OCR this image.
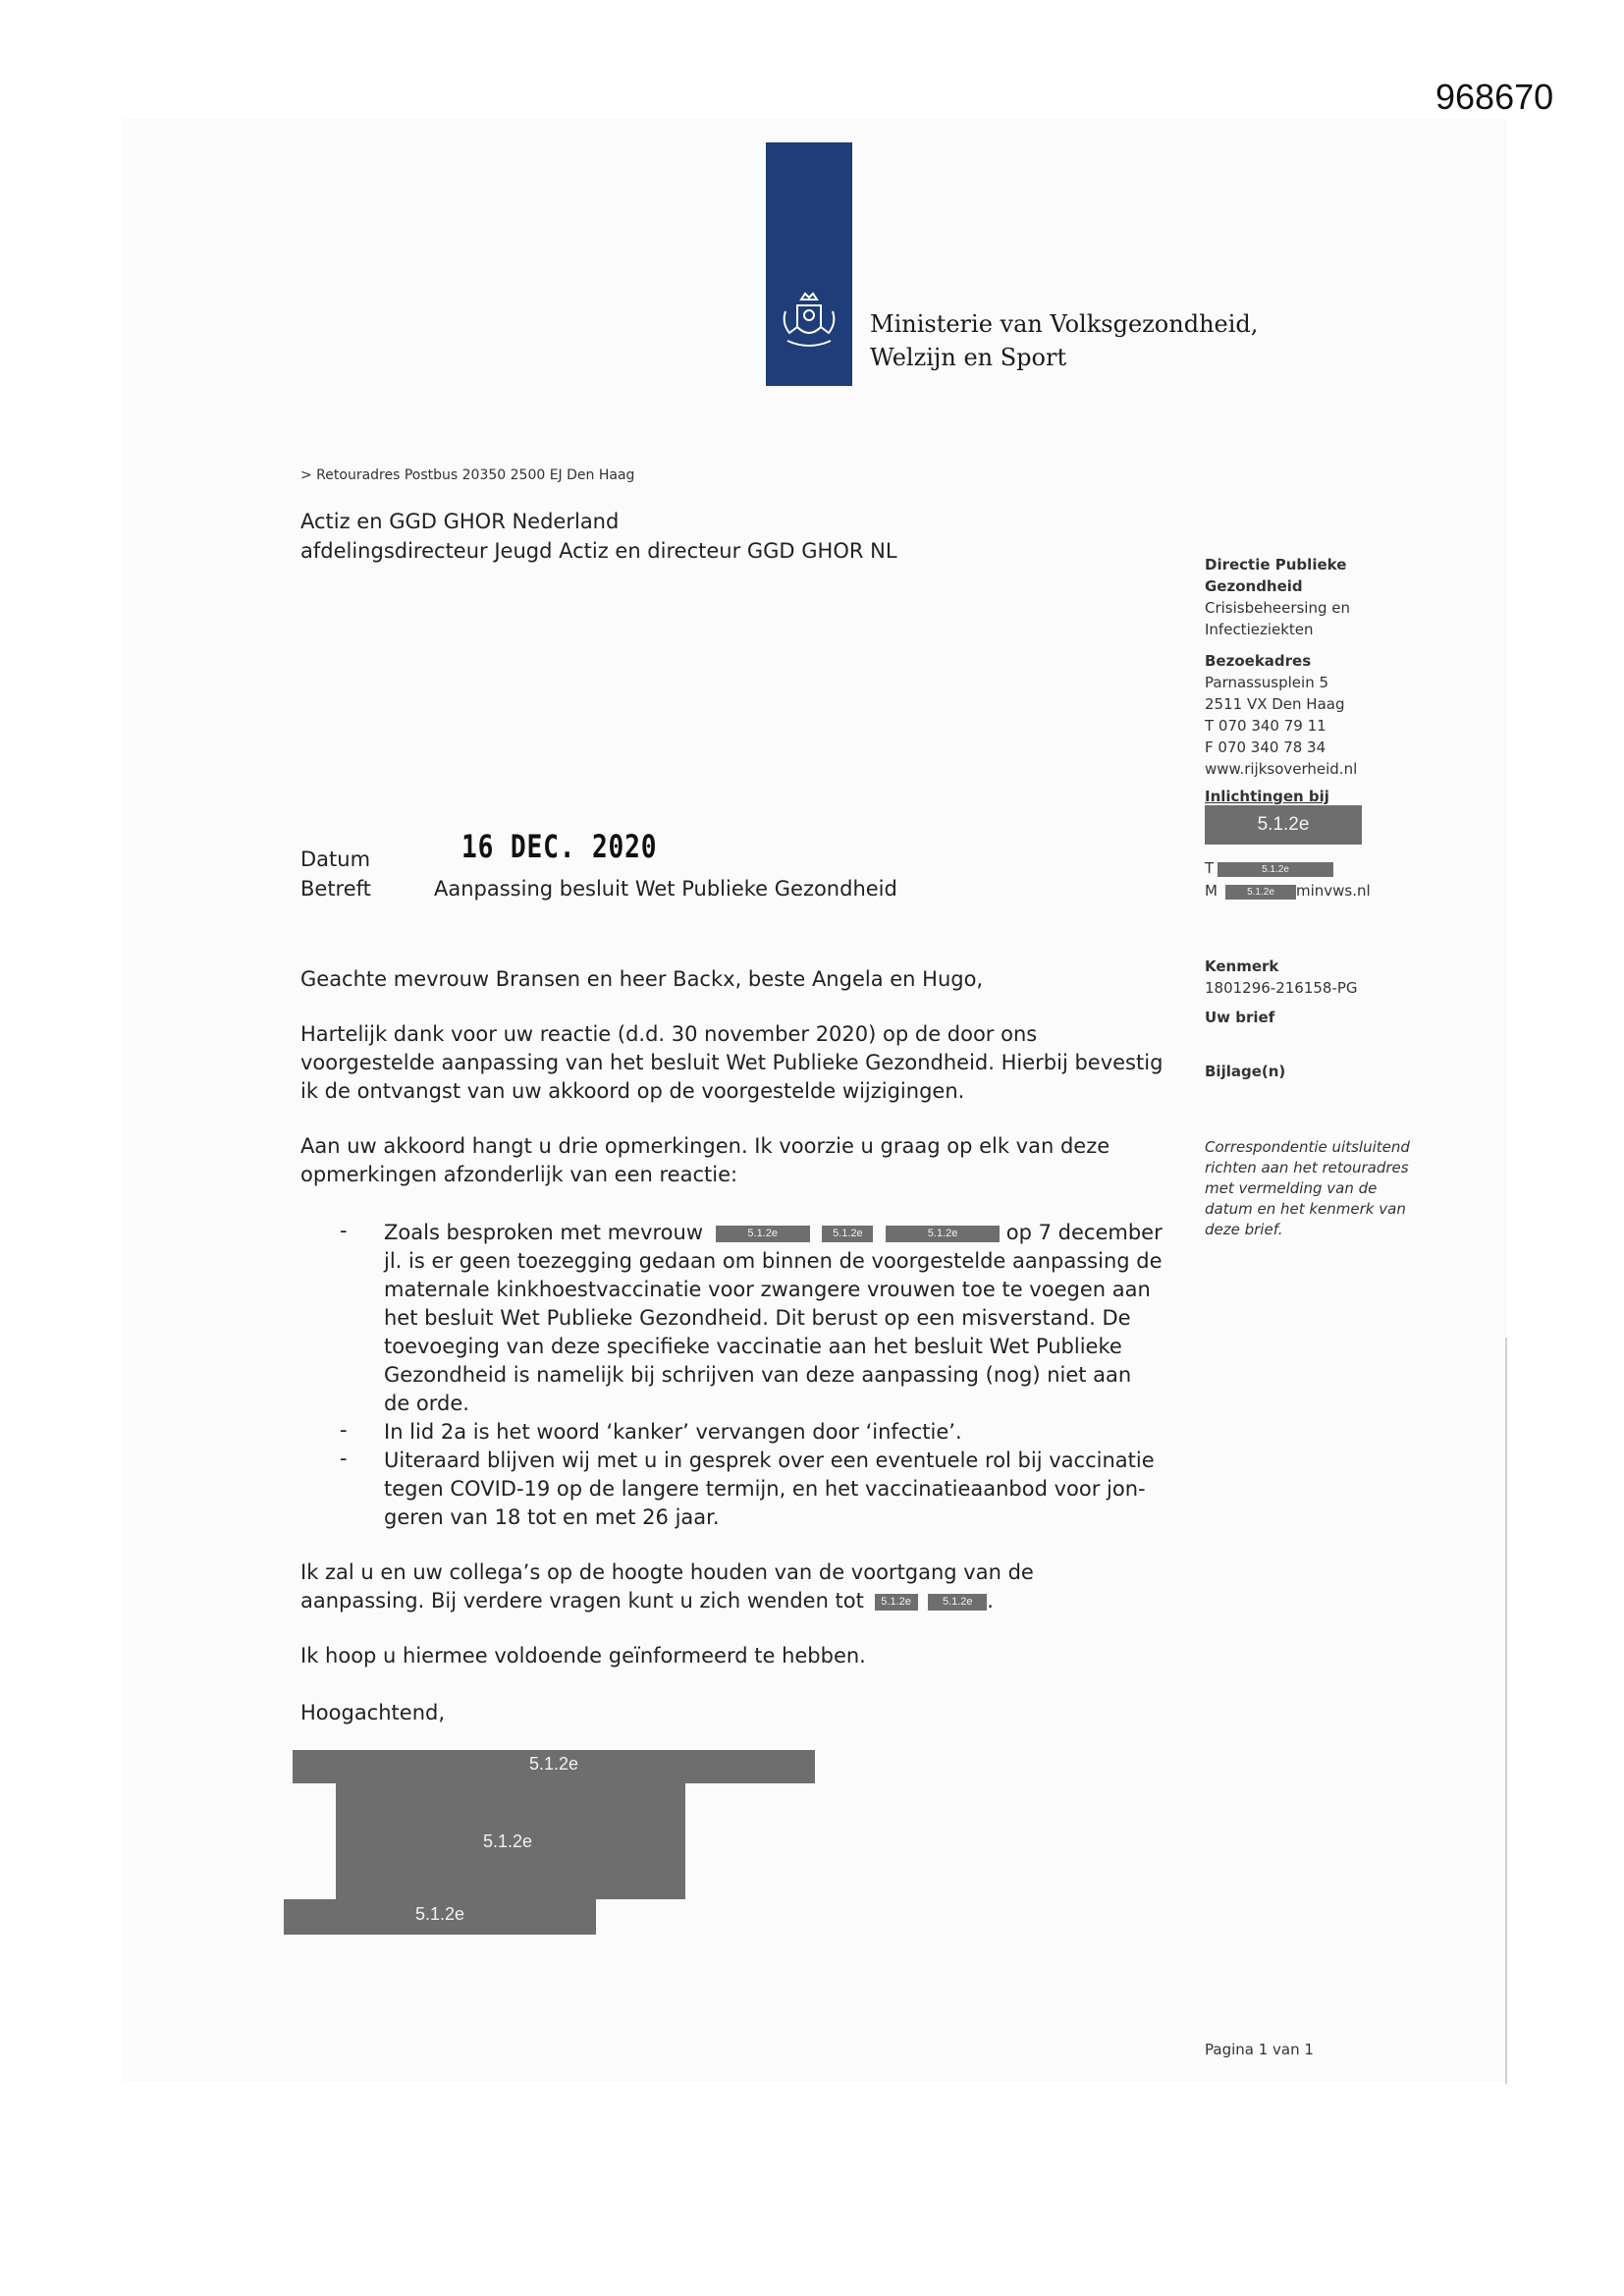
968670
Ministerie van Volksgezondheid,
Welzijn en Sport
> Retouradres Postbus 20350 2500 EJ Den Haag
Actiz en GGD GHOR Nederland
afdelingsdirecteur Jeugd Actiz en directeur GGD GHOR NL
Directie Publieke
Gezondheid
Crisisbeheersing en
Infectieziekten
Bezoekadres
Parnassusplein 5
2511 VX Den Haag
T 070 340 79 11
F 070 340 78 34
www.rijksoverheid.nl
Inlichtingen bij
5.1.2e
T	5.1.2e
M	5.1.2e	minvws.nl
Kenmerk
1801296-216158-PG
Uw brief
Bijlage(n)
Datum	16 DEC. 2020
Betreft	Aanpassing besluit Wet Publieke Gezondheid
Geachte mevrouw Bransen en heer Backx, beste Angela en Hugo,
Hartelijk dank voor uw reactie (d.d. 30 november 2020) op de door ons
voorgestelde aanpassing van het besluit Wet Publieke Gezondheid. Hierbij bevestig
ik de ontvangst van uw akkoord op de voorgestelde wijzigingen.
Aan uw akkoord hangt u drie opmerkingen. Ik voorzie u graag op elk van deze
opmerkingen afzonderlijk van een reactie:
- Zoals besproken met mevrouw	5.1.2e	5.1.2e	5.1.2e op 7 december
jl. is er geen toezegging gedaan om binnen de voorgestelde aanpassing de
maternale kinkhoestvaccinatie voor zwangere vrouwen toe te voegen aan
het besluit Wet Publieke Gezondheid. Dit berust op een misverstand. De
toevoeging van deze specifieke vaccinatie aan het besluit Wet Publieke
Gezondheid is namelijk bij schrijven van deze aanpassing (nog) niet aan
de orde.
- In lid 2a is het woord ‘kanker’ vervangen door ‘infectie’.
- Uiteraard blijven wij met u in gesprek over een eventuele rol bij vaccinatie
tegen COVID-19 op de langere termijn, en het vaccinatieaanbod voor jon-
geren van 18 tot en met 26 jaar.
Ik zal u en uw collega’s op de hoogte houden van de voortgang van de
aanpassing. Bij verdere vragen kunt u zich wenden tot 5.1.2e	5.1.2e .
Ik hoop u hiermee voldoende geïnformeerd te hebben.
Hoogachtend,
5.1.2e
5.1.2e
5.1.2e
Correspondentie uitsluitend
richten aan het retouradres
met vermelding van de
datum en het kenmerk van
deze brief.
Pagina 1 van 1
